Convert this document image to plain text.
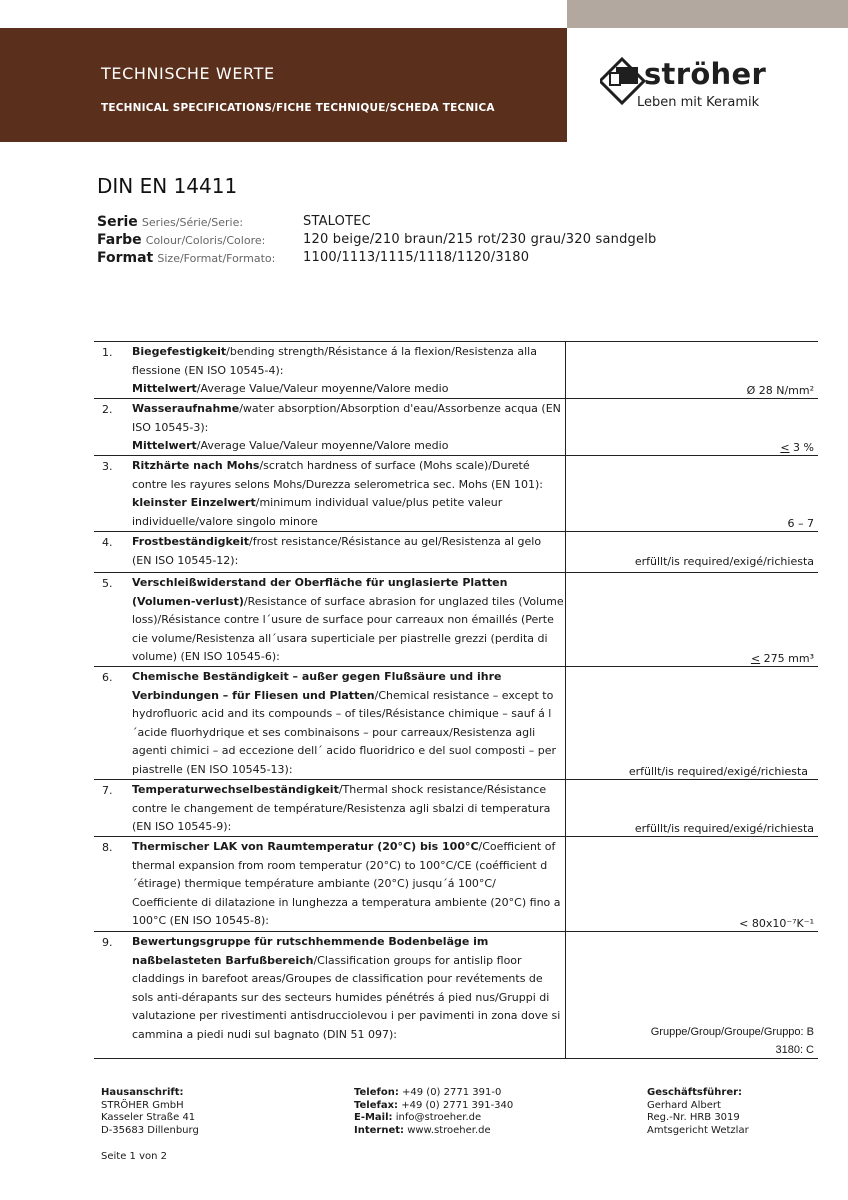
TECHNISCHE WERTE
TECHNICAL SPECIFICATIONS/FICHE TECHNIQUE/SCHEDA TECNICA
ströher
Leben mit Keramik
DIN EN 14411
Serie Series/Série/Serie:	STALOTEC
Farbe Colour/Coloris/Colore:	120 beige/210 braun/215 rot/230 grau/320 sandgelb
Format Size/Format/Formato: 1100/1113/1115/1118/1120/3180
1. Biegefestigkeit/bending strength/Résistance á la flexion/Resistenza alla flessione (EN ISO 10545-4):
Mittelwert/Average Value/Valeur moyenne/Valore medio	Ø 28 N/mm²
2. Wasseraufnahme/water absorption/Absorption d'eau/Assorbenze acqua (EN ISO 10545-3):
Mittelwert/Average Value/Valeur moyenne/Valore medio	< 3 %
3. Ritzhärte nach Mohs/scratch hardness of surface (Mohs scale)/Dureté contre les rayures selons Mohs/Durezza selerometrica sec. Mohs (EN 101):
kleinster Einzelwert/minimum individual value/plus petite valeur individuelle/valore singolo minore	6 – 7
4. Frostbeständigkeit/frost resistance/Résistance au gel/Resistenza al gelo (EN ISO 10545-12):	erfüllt/is required/exigé/richiesta
5. Verschleißwiderstand der Oberfläche für unglasierte Platten (Volumen-verlust)/Resistance of surface abrasion for unglazed tiles (Volume loss)/Résistance contre l´usure de surface pour carreaux non émaillés (Perte cie volume/Resistenza all´usara superticiale per piastrelle grezzi (perdita di volume) (EN ISO 10545-6):	< 275 mm³
6. Chemische Beständigkeit – außer gegen Flußsäure und ihre Verbindungen – für Fliesen und Platten/Chemical resistance – except to hydrofluoric acid and its compounds – of tiles/Résistance chimique – sauf á l´acide fluorhydrique et ses combinaisons – pour carreaux/Resistenza agli agenti chimici – ad eccezione dell´ acido fluoridrico e del suol composti – per piastrelle (EN ISO 10545-13):	erfüllt/is required/exigé/richiesta
7. Temperaturwechselbeständigkeit/Thermal shock resistance/Résistance contre le changement de température/Resistenza agli sbalzi di temperatura (EN ISO 10545-9):	erfüllt/is required/exigé/richiesta
8. Thermischer LAK von Raumtemperatur (20°C) bis 100°C/Coefficient of thermal expansion from room temperatur (20°C) to 100°C/CE (coéfficient d´étirage) thermique température ambiante (20°C) jusqu´á 100°C/ Coefficiente di dilatazione in lunghezza a temperatura ambiente (20°C) fino a 100°C (EN ISO 10545-8):	< 80x10⁻⁷K⁻¹
9. Bewertungsgruppe für rutschhemmende Bodenbeläge im naßbelasteten Barfußbereich/Classification groups for antislip floor claddings in barefoot areas/Groupes de classification pour revétements de sols anti-dérapants sur des secteurs humides pénétrés á pied nus/Gruppi di valutazione per rivestimenti antisdrucciolevou i per pavimenti in zona dove si cammina a piedi nudi sul bagnato (DIN 51 097):	Gruppe/Group/Groupe/Gruppo: B
3180: C
Hausanschrift:
STRÖHER GmbH
Kasseler Straße 41
D-35683 Dillenburg
Telefon: +49 (0) 2771 391-0
Telefax: +49 (0) 2771 391-340
E-Mail: info@stroeher.de
Internet: www.stroeher.de
Geschäftsführer:
Gerhard Albert
Reg.-Nr. HRB 3019
Amtsgericht Wetzlar
Seite 1 von 2
